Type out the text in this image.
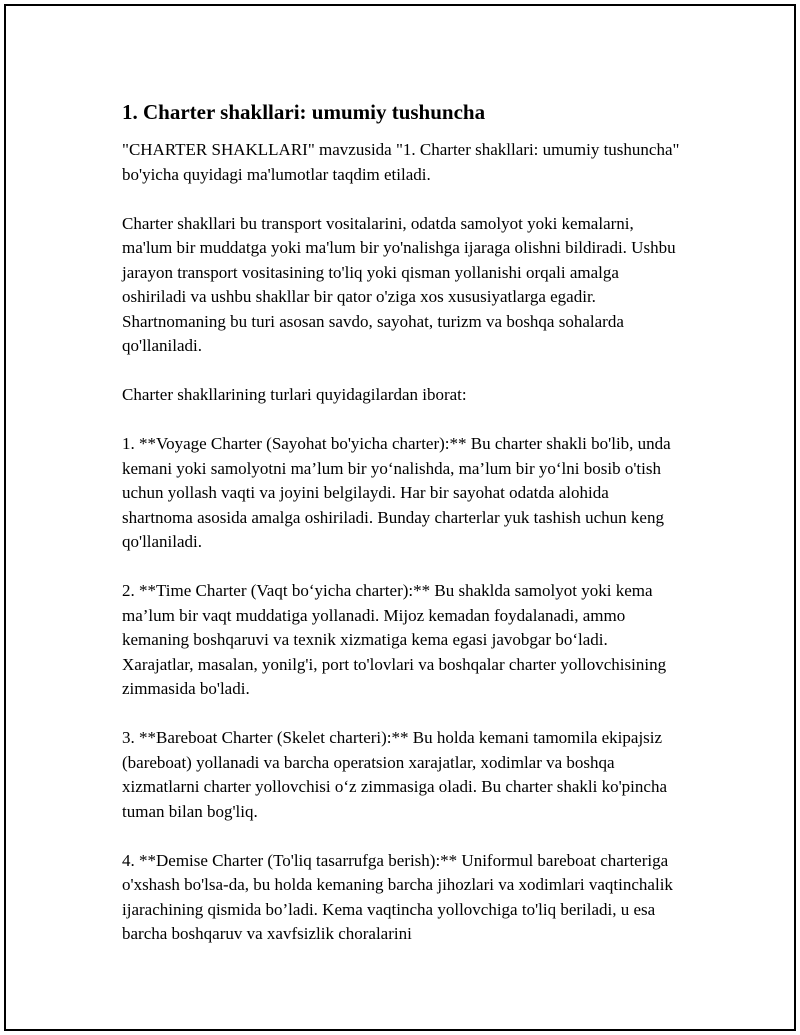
1. Charter shakllari: umumiy tushuncha

"CHARTER SHAKLLARI" mavzusida "1. Charter shakllari: umumiy tushuncha" bo'yicha quyidagi ma'lumotlar taqdim etiladi.

Charter shakllari bu transport vositalarini, odatda samolyot yoki kemalarni, ma'lum bir muddatga yoki ma'lum bir yo'nalishga ijaraga olishni bildiradi. Ushbu jarayon transport vositasining to'liq yoki qisman yollanishi orqali amalga oshiriladi va ushbu shakllar bir qator o'ziga xos xususiyatlarga egadir. Shartnomaning bu turi asosan savdo, sayohat, turizm va boshqa sohalarda qo'llaniladi.

Charter shakllarining turlari quyidagilardan iborat:

1. **Voyage Charter (Sayohat bo'yicha charter):** Bu charter shakli bo'lib, unda kemani yoki samolyotni ma’lum bir yo‘nalishda, ma’lum bir yo‘lni bosib o'tish uchun yollash vaqti va joyini belgilaydi. Har bir sayohat odatda alohida shartnoma asosida amalga oshiriladi. Bunday charterlar yuk tashish uchun keng qo'llaniladi.

2. **Time Charter (Vaqt bo‘yicha charter):** Bu shaklda samolyot yoki kema ma’lum bir vaqt muddatiga yollanadi. Mijoz kemadan foydalanadi, ammo kemaning boshqaruvi va texnik xizmatiga kema egasi javobgar bo‘ladi. Xarajatlar, masalan, yonilg'i, port to'lovlari va boshqalar charter yollovchisining zimmasida bo'ladi.

3. **Bareboat Charter (Skelet charteri):** Bu holda kemani tamomila ekipajsiz (bareboat) yollanadi va barcha operatsion xarajatlar, xodimlar va boshqa xizmatlarni charter yollovchisi o‘z zimmasiga oladi. Bu charter shakli ko'pincha tuman bilan bog'liq.

4. **Demise Charter (To'liq tasarrufga berish):** Uniformul bareboat charteriga o'xshash bo'lsa-da, bu holda kemaning barcha jihozlari va xodimlari vaqtinchalik ijarachining qismida bo’ladi. Kema vaqtincha yollovchiga to'liq beriladi, u esa barcha boshqaruv va xavfsizlik choralarini
